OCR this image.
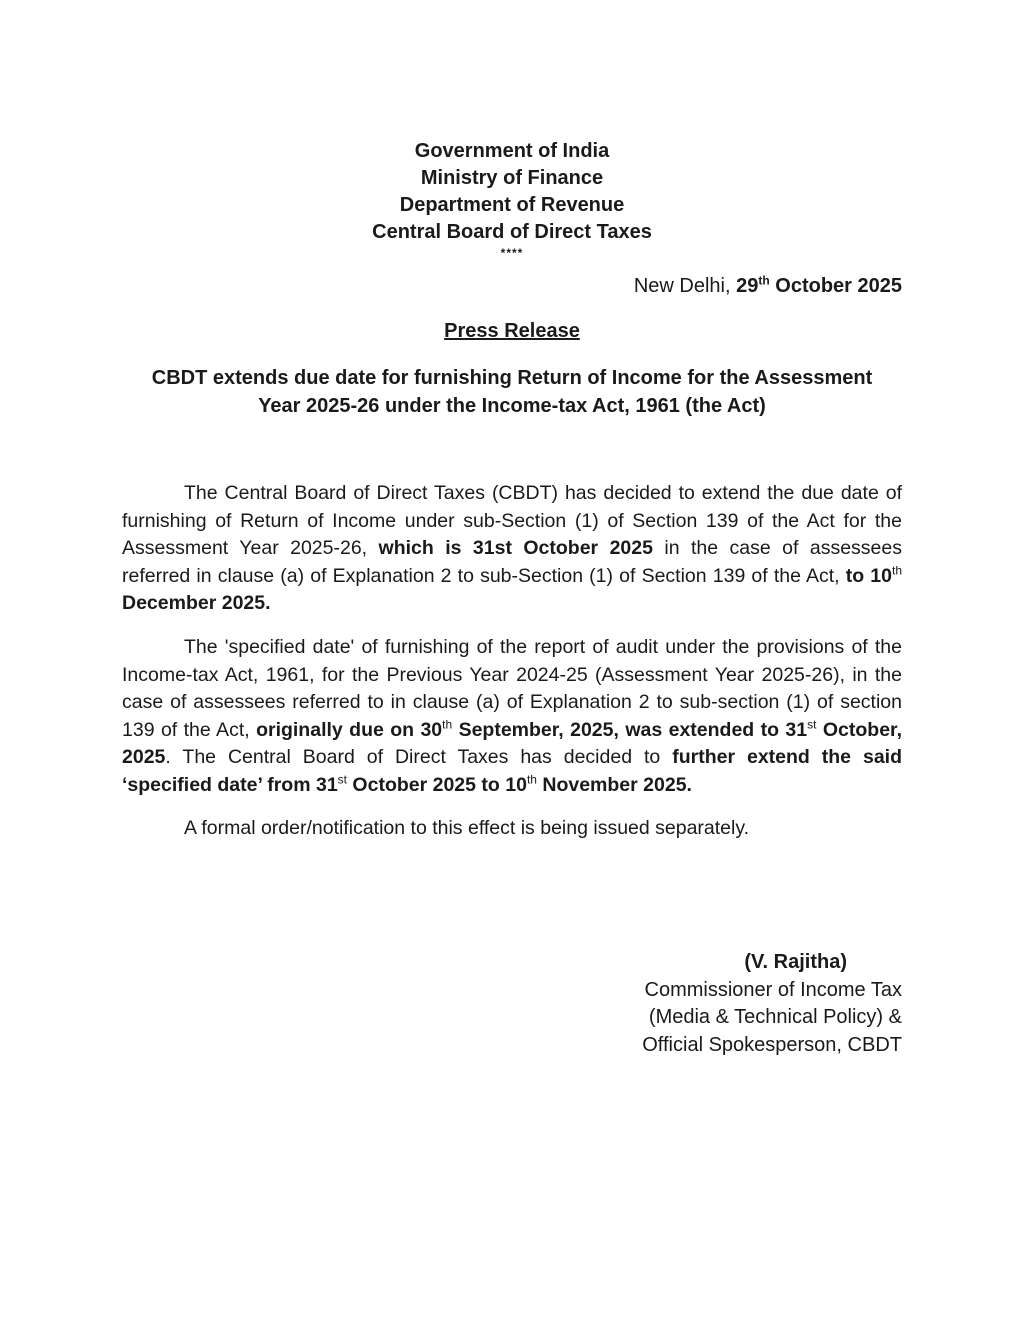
Government of India
Ministry of Finance
Department of Revenue
Central Board of Direct Taxes
****
New Delhi, 29th October 2025
Press Release
CBDT extends due date for furnishing Return of Income for the Assessment
Year 2025-26 under the Income-tax Act, 1961 (the Act)

The Central Board of Direct Taxes (CBDT) has decided to extend the due date of furnishing of Return of Income under sub-Section (1) of Section 139 of the Act for the Assessment Year 2025-26, which is 31st October 2025 in the case of assessees referred in clause (a) of Explanation 2 to sub-Section (1) of Section 139 of the Act, to 10th December 2025.

The 'specified date' of furnishing of the report of audit under the provisions of the Income-tax Act, 1961, for the Previous Year 2024-25 (Assessment Year 2025-26), in the case of assessees referred to in clause (a) of Explanation 2 to sub-section (1) of section 139 of the Act, originally due on 30th September, 2025, was extended to 31st October, 2025. The Central Board of Direct Taxes has decided to further extend the said ‘specified date’ from 31st October 2025 to 10th November 2025.

A formal order/notification to this effect is being issued separately.

(V. Rajitha)
Commissioner of Income Tax
(Media & Technical Policy) &
Official Spokesperson, CBDT
